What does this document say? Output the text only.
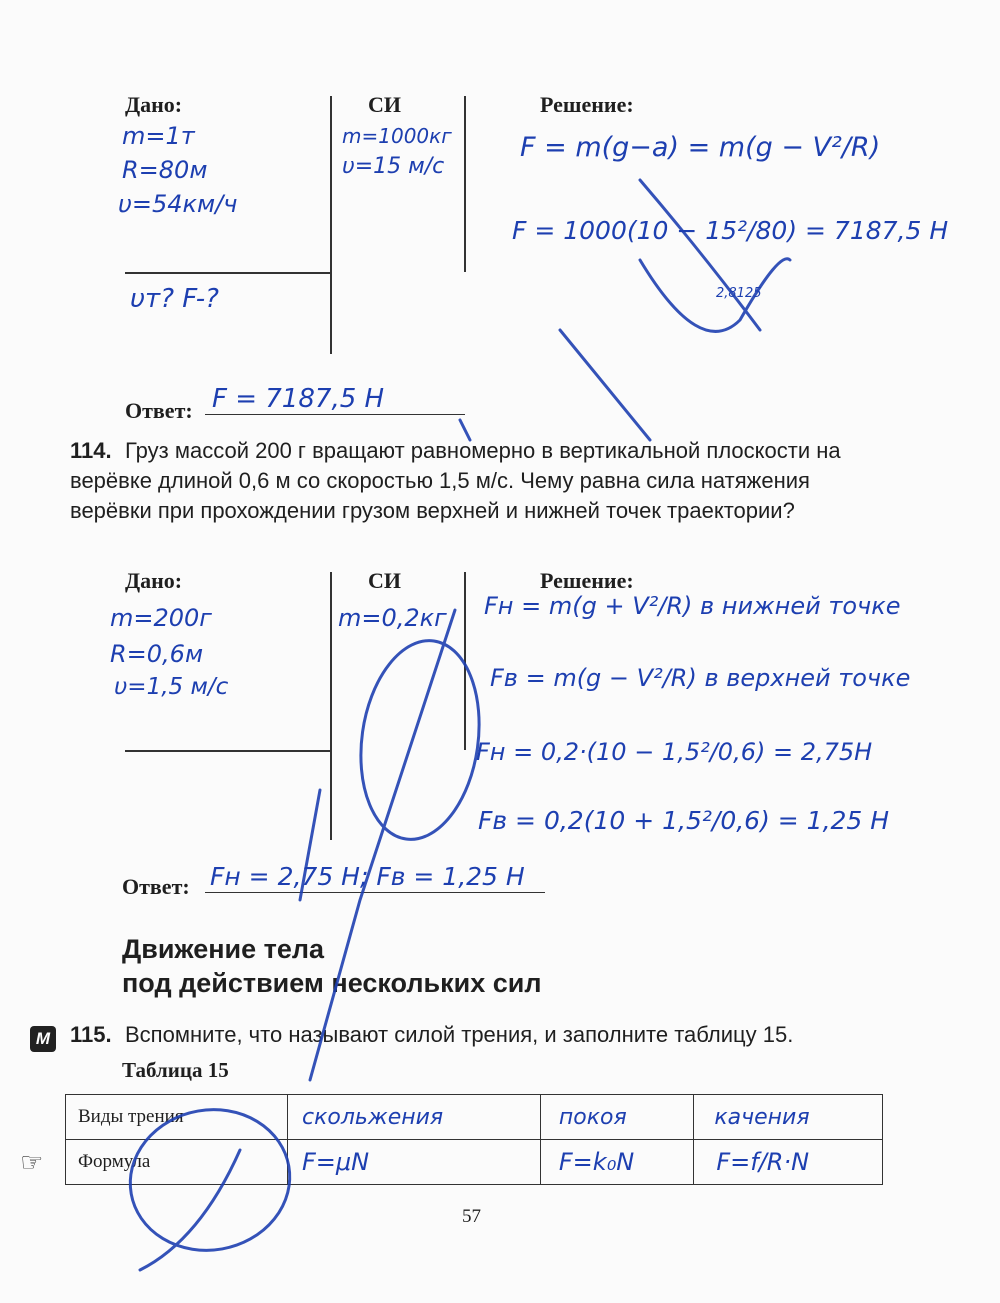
Дано:	СИ	Решение:
m=1т
R=80м
υ=54км/ч
m=1000кг
υ=15 м/с
υт? F-?
F = m(g−a) = m(g − V²/R)
F = 1000(10 − 15²/80) = 7187,5 H
2,8125
Ответ: F = 7187,5 H
114. Груз массой 200 г вращают равномерно в вертикальной плоскости на верёвке длиной 0,6 м со скоростью 1,5 м/с. Чему равна сила натяжения верёвки при прохождении грузом верхней и нижней точек траектории?
Дано:	СИ	Решение:
m=200г
R=0,6м
υ=1,5 м/с
m=0,2кг Fн = m(g + V²/R) в нижней точке
Fв = m(g − V²/R) в верхней точке
Fн = 0,2·(10 − 1,5²/0,6) = 2,75H
Fв = 0,2(10 + 1,5²/0,6) = 1,25 H
Ответ: Fн = 2,75 H; Fв = 1,25 H
Движение тела
под действием нескольких сил
М 115. Вспомните, что называют силой трения, и заполните таблицу 15.
Таблица 15
Виды трения	скольжения	покоя	качения
Формула	F=μN	F=k₀N	F=f/R·N
☞
57
